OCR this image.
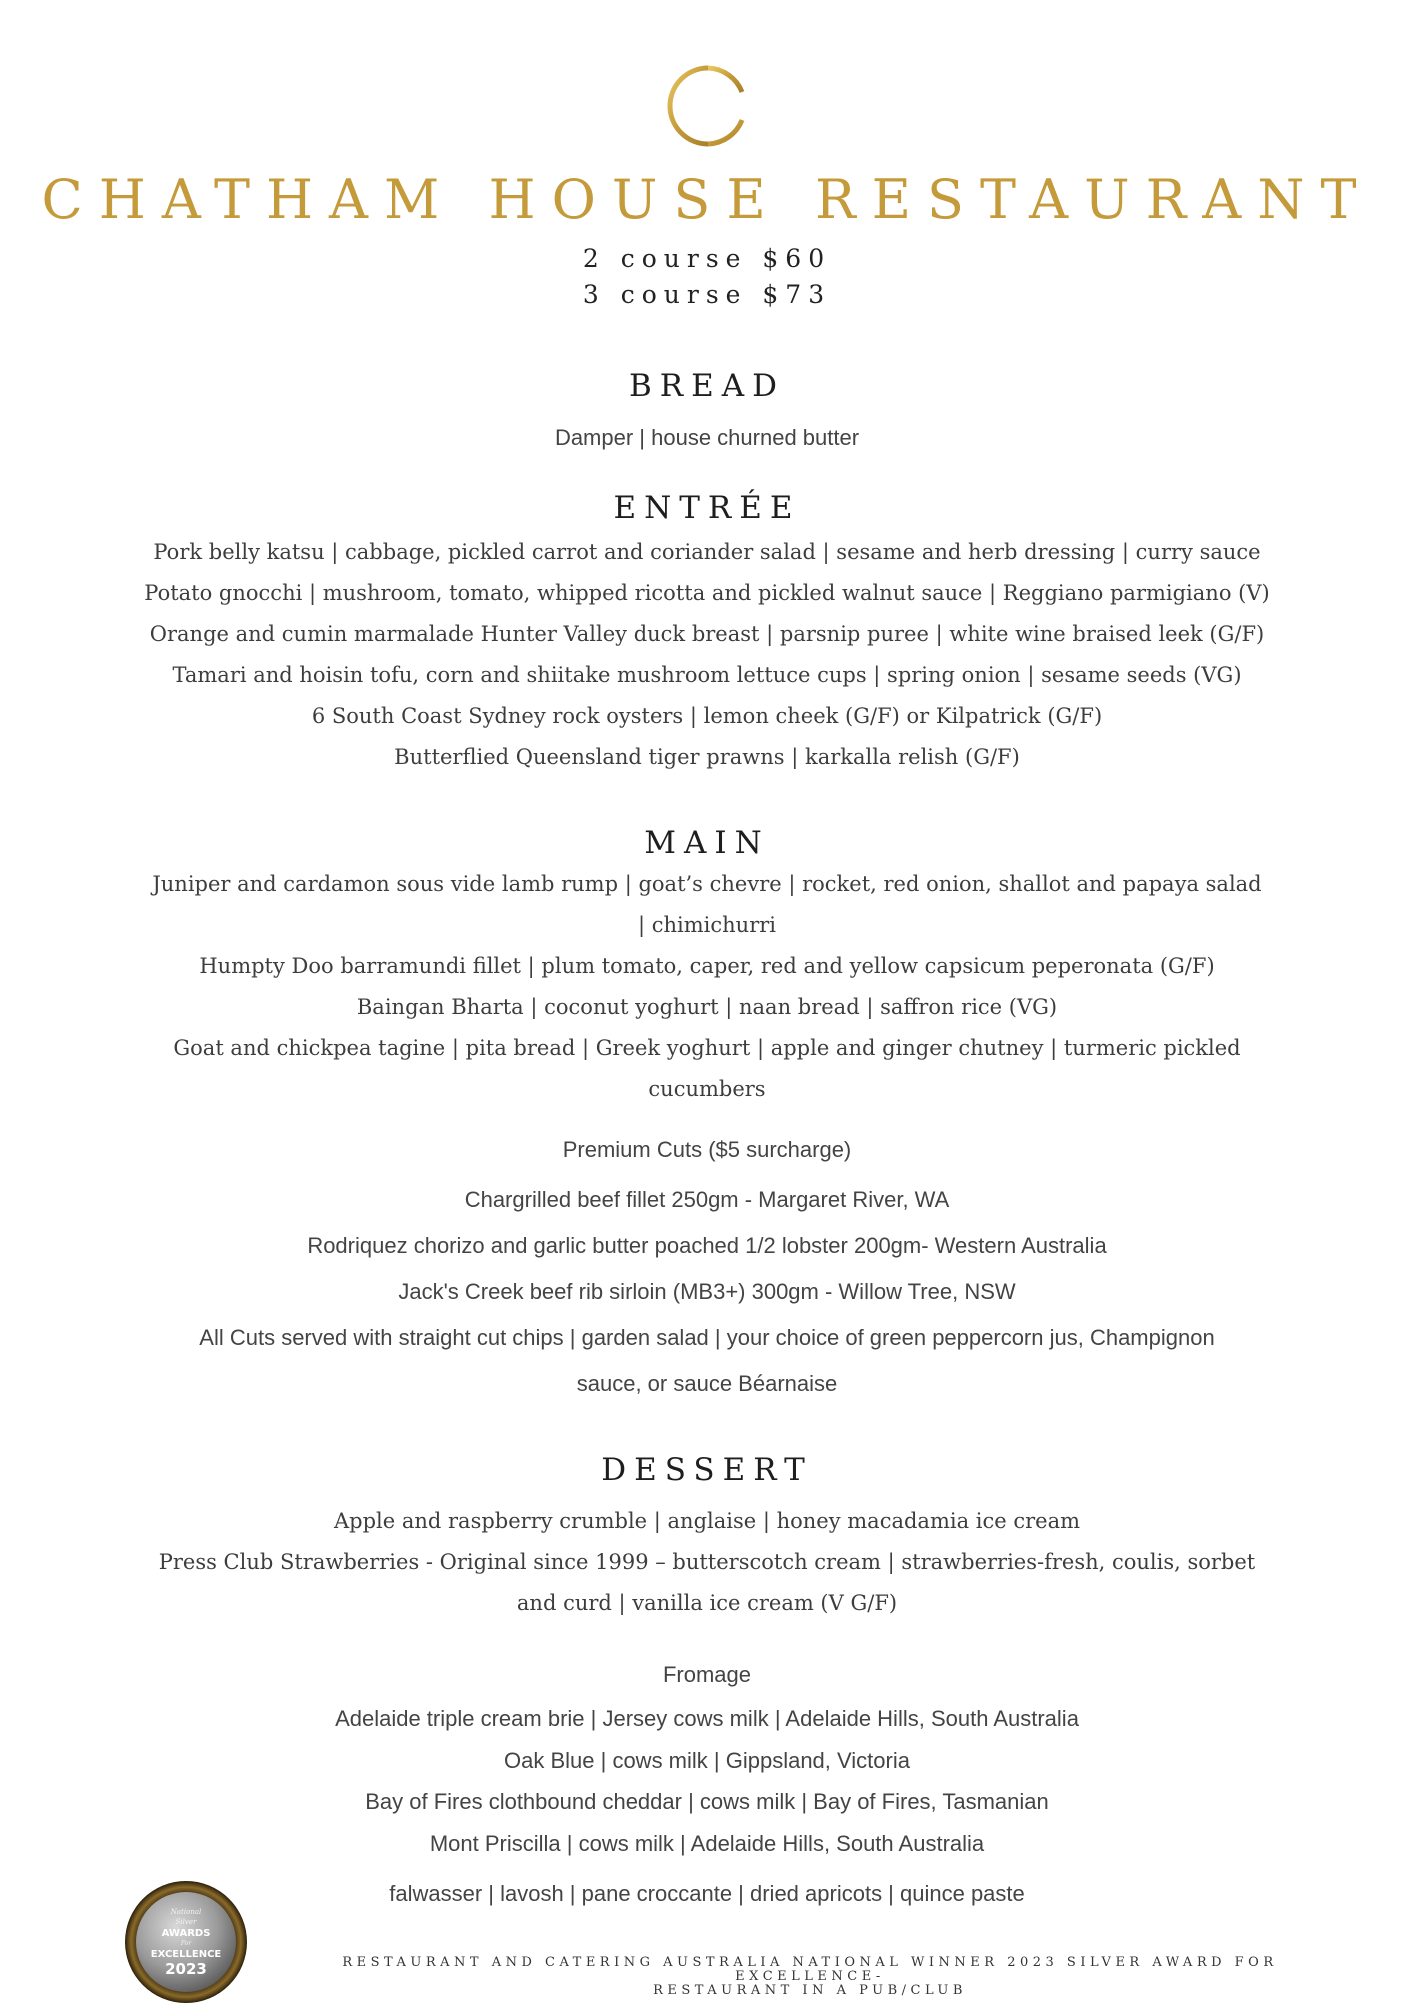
CHATHAM HOUSE RESTAURANT
2 course $60
3 course $73
BREAD
Damper | house churned butter
ENTRÉE
Pork belly katsu | cabbage, pickled carrot and coriander salad | sesame and herb dressing | curry sauce
Potato gnocchi | mushroom, tomato, whipped ricotta and pickled walnut sauce | Reggiano parmigiano (V)
Orange and cumin marmalade Hunter Valley duck breast | parsnip puree | white wine braised leek (G/F)
Tamari and hoisin tofu, corn and shiitake mushroom lettuce cups | spring onion | sesame seeds (VG)
6 South Coast Sydney rock oysters | lemon cheek (G/F) or Kilpatrick (G/F)
Butterflied Queensland tiger prawns | karkalla relish (G/F)
MAIN
Juniper and cardamon sous vide lamb rump | goat’s chevre | rocket, red onion, shallot and papaya salad
| chimichurri
Humpty Doo barramundi fillet | plum tomato, caper, red and yellow capsicum peperonata (G/F)
Baingan Bharta | coconut yoghurt | naan bread | saffron rice (VG)
Goat and chickpea tagine | pita bread | Greek yoghurt | apple and ginger chutney | turmeric pickled
cucumbers
Premium Cuts ($5 surcharge)
Chargrilled beef fillet 250gm - Margaret River, WA
Rodriquez chorizo and garlic butter poached 1/2 lobster 200gm- Western Australia
Jack's Creek beef rib sirloin (MB3+) 300gm - Willow Tree, NSW
All Cuts served with straight cut chips | garden salad | your choice of green peppercorn jus, Champignon
sauce, or sauce Béarnaise
DESSERT
Apple and raspberry crumble | anglaise | honey macadamia ice cream
Press Club Strawberries - Original since 1999 – butterscotch cream | strawberries-fresh, coulis, sorbet
and curd | vanilla ice cream (V G/F)
Fromage
Adelaide triple cream brie | Jersey cows milk | Adelaide Hills, South Australia
Oak Blue | cows milk | Gippsland, Victoria
Bay of Fires clothbound cheddar | cows milk | Bay of Fires, Tasmanian
Mont Priscilla | cows milk | Adelaide Hills, South Australia
falwasser | lavosh | pane croccante | dried apricots | quince paste
National
Silver
AWARDS
For
EXCELLENCE
2023	RESTAURANT AND CATERING AUSTRALIA NATIONAL WINNER 2023 SILVER AWARD FOR EXCELLENCE-
RESTAURANT IN A PUB/CLUB
